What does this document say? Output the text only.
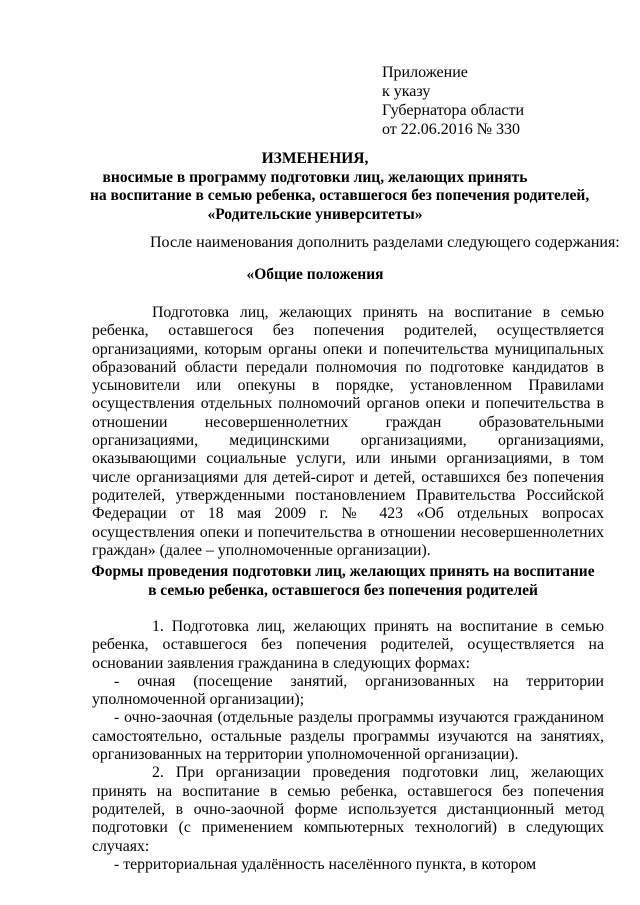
Приложение
к указу
Губернатора области
от 22.06.2016 № 330
ИЗМЕНЕНИЯ,
вносимые в программу подготовки лиц, желающих принять
на воспитание в семью ребенка, оставшегося без попечения родителей,
«Родительские университеты»
После наименования дополнить разделами следующего содержания:
«Общие положения

Подготовка лиц, желающих принять на воспитание в семью ребенка, оставшегося без попечения родителей, осуществляется организациями, которым органы опеки и попечительства муниципальных образований области передали полномочия по подготовке кандидатов в усыновители или опекуны в порядке, установленном Правилами осуществления отдельных полномочий органов опеки и попечительства в отношении несовершеннолетних граждан образовательными организациями, медицинскими организациями, организациями, оказывающими социальные услуги, или иными организациями, в том числе организациями для детей-сирот и детей, оставшихся без попечения родителей, утвержденными постановлением Правительства Российской Федерации от 18 мая 2009 г. № 423 «Об отдельных вопросах осуществления опеки и попечительства в отношении несовершеннолетних граждан» (далее – уполномоченные организации).

Формы проведения подготовки лиц, желающих принять на воспитание
в семью ребенка, оставшегося без попечения родителей

1. Подготовка лиц, желающих принять на воспитание в семью ребенка, оставшегося без попечения родителей, осуществляется на основании заявления гражданина в следующих формах:

- очная (посещение занятий, организованных на территории уполномоченной организации);

- очно-заочная (отдельные разделы программы изучаются гражданином самостоятельно, остальные разделы программы изучаются на занятиях, организованных на территории уполномоченной организации).

2. При организации проведения подготовки лиц, желающих принять на воспитание в семью ребенка, оставшегося без попечения родителей, в очно-заочной форме используется дистанционный метод подготовки (с применением компьютерных технологий) в следующих случаях:

- территориальная удалённость населённого пункта, в котором
